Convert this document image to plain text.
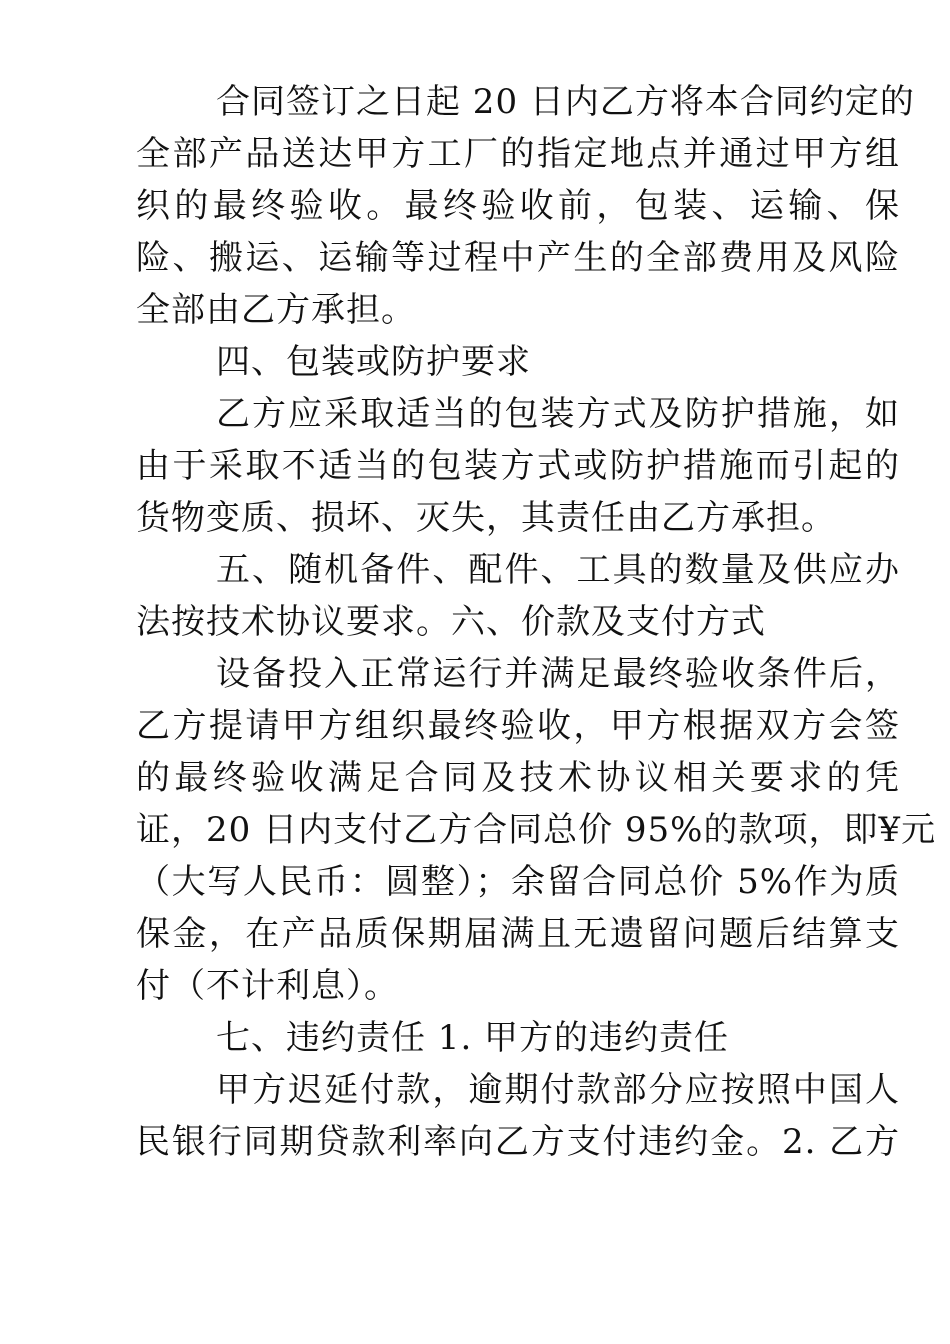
合同签订之日起 20 日内乙方将本合同约定的
全部产品送达甲方工厂的指定地点并通过甲方组
织的最终验收。最终验收前，包装、运输、保
险、搬运、运输等过程中产生的全部费用及风险
全部由乙方承担。
四、包装或防护要求
乙方应采取适当的包装方式及防护措施，如
由于采取不适当的包装方式或防护措施而引起的
货物变质、损坏、灭失，其责任由乙方承担。
五、随机备件、配件、工具的数量及供应办
法按技术协议要求。六、价款及支付方式
设备投入正常运行并满足最终验收条件后，
乙方提请甲方组织最终验收，甲方根据双方会签
的最终验收满足合同及技术协议相关要求的凭
证，20 日内支付乙方合同总价 95%的款项，即¥元
（大写人民币：圆整）；余留合同总价 5%作为质
保金，在产品质保期届满且无遗留问题后结算支
付（不计利息）。
七、违约责任 1. 甲方的违约责任
甲方迟延付款，逾期付款部分应按照中国人
民银行同期贷款利率向乙方支付违约金。2. 乙方
